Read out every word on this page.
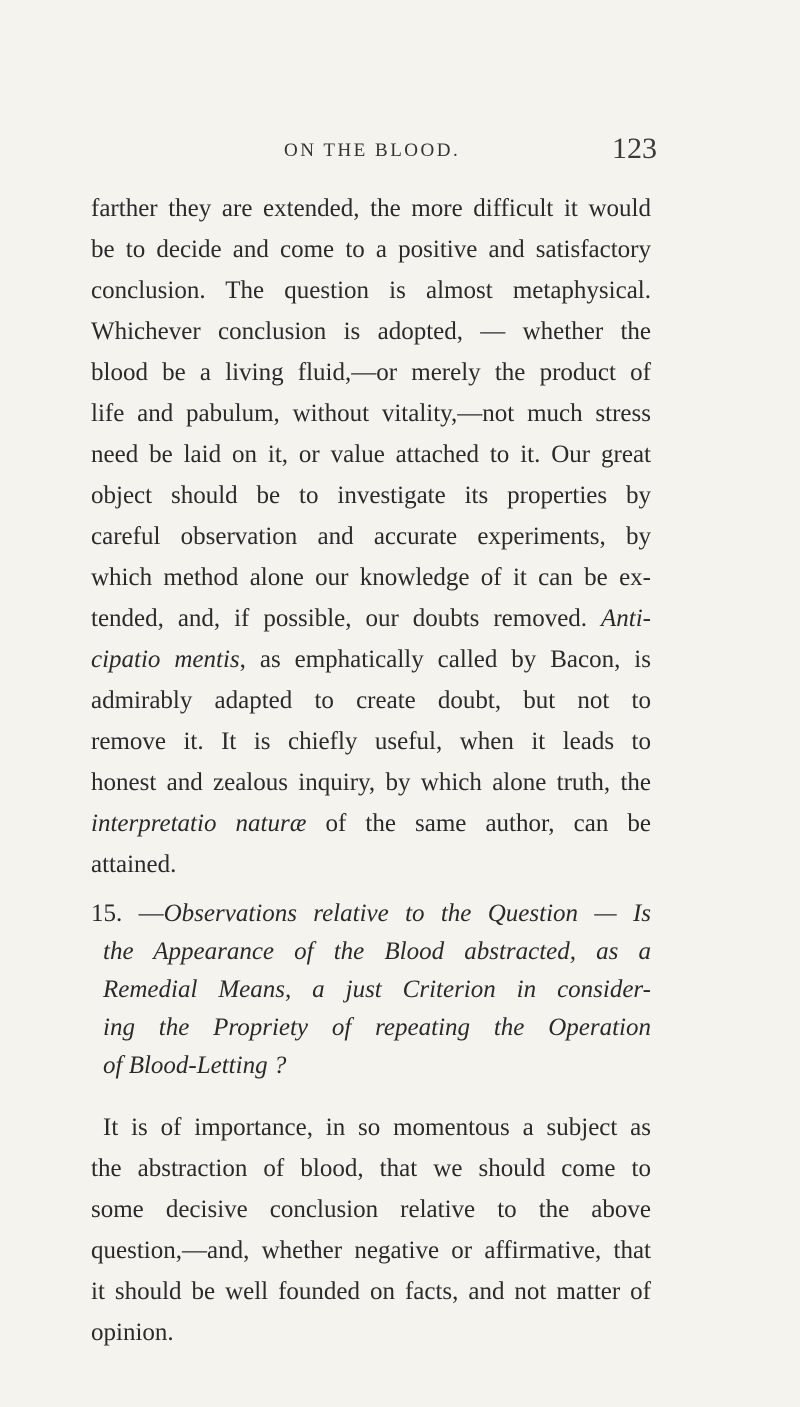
ON THE BLOOD.	123
farther they are extended, the more difficult it would
be to decide and come to a positive and satisfactory
conclusion. The question is almost metaphysical.
Whichever conclusion is adopted, — whether the
blood be a living fluid,—or merely the product of
life and pabulum, without vitality,—not much stress
need be laid on it, or value attached to it. Our great
object should be to investigate its properties by
careful observation and accurate experiments, by
which method alone our knowledge of it can be ex-
tended, and, if possible, our doubts removed. Anti-
cipatio mentis, as emphatically called by Bacon, is
admirably adapted to create doubt, but not to
remove it. It is chiefly useful, when it leads to
honest and zealous inquiry, by which alone truth, the
interpretatio naturæ of the same author, can be
attained.
15. —Observations relative to the Question — Is
the Appearance of the Blood abstracted, as a
Remedial Means, a just Criterion in consider-
ing the Propriety of repeating the Operation
of Blood-Letting ?
It is of importance, in so momentous a subject as
the abstraction of blood, that we should come to
some decisive conclusion relative to the above
question,—and, whether negative or affirmative, that
it should be well founded on facts, and not matter of
opinion.
